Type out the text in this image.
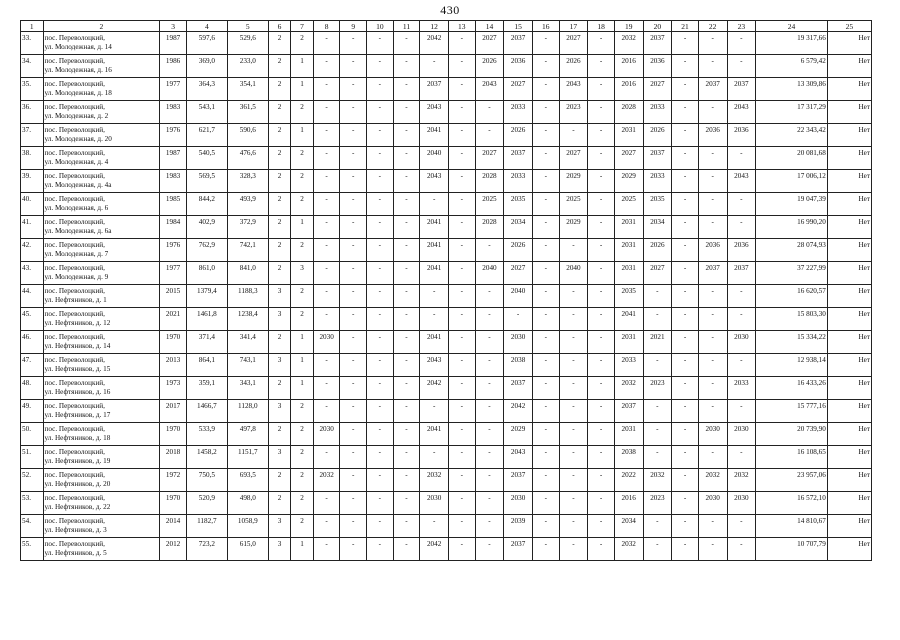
430
1	2	3	4	5	6	7	8	9	10	11	12	13	14	15	16	17	18	19	20	21	22	23	24	25
33.	пос. Переволоцкий,
ул. Молодежная, д. 14	1987	597,6	529,6	2	2	-	-	-	-	2042	-	2027	2037	-	2027	-	2032	2037	-	-	-	19 317,66	Нет
34.	пос. Переволоцкий,
ул. Молодежная, д. 16	1986	369,0	233,0	2	1	-	-	-	-	-	-	2026	2036	-	2026	-	2016	2036	-	-	-	6 579,42	Нет
35.	пос. Переволоцкий,
ул. Молодежная, д. 18	1977	364,3	354,1	2	1	-	-	-	-	2037	-	2043	2027	-	2043	-	2016	2027	-	2037	2037	13 309,86	Нет
36.	пос. Переволоцкий,
ул. Молодежная, д. 2	1983	543,1	361,5	2	2	-	-	-	-	2043	-	-	2033	-	2023	-	2028	2033	-	-	2043	17 317,29	Нет
37.	пос. Переволоцкий,
ул. Молодежная, д. 20	1976	621,7	590,6	2	1	-	-	-	-	2041	-	-	2026	-	-	-	2031	2026	-	2036	2036	22 343,42	Нет
38.	пос. Переволоцкий,
ул. Молодежная, д. 4	1987	540,5	476,6	2	2	-	-	-	-	2040	-	2027	2037	-	2027	-	2027	2037	-	-	-	20 081,68	Нет
39.	пос. Переволоцкий,
ул. Молодежная, д. 4а	1983	569,5	328,3	2	2	-	-	-	-	2043	-	2028	2033	-	2029	-	2029	2033	-	-	2043	17 006,12	Нет
40.	пос. Переволоцкий,
ул. Молодежная, д. 6	1985	844,2	493,9	2	2	-	-	-	-	-	-	2025	2035	-	2025	-	2025	2035	-	-	-	19 047,39	Нет
41.	пос. Переволоцкий,
ул. Молодежная, д. 6а	1984	402,9	372,9	2	1	-	-	-	-	2041	-	2028	2034	-	2029	-	2031	2034	-	-	-	16 990,20	Нет
42.	пос. Переволоцкий,
ул. Молодежная, д. 7	1976	762,9	742,1	2	2	-	-	-	-	2041	-	-	2026	-	-	-	2031	2026	-	2036	2036	28 074,93	Нет
43.	пос. Переволоцкий,
ул. Молодежная, д. 9	1977	861,0	841,0	2	3	-	-	-	-	2041	-	2040	2027	-	2040	-	2031	2027	-	2037	2037	37 227,99	Нет
44.	пос. Переволоцкий,
ул. Нефтяников, д. 1	2015	1379,4	1188,3	3	2	-	-	-	-	-	-	-	2040	-	-	-	2035	-	-	-	-	16 620,57	Нет
45.	пос. Переволоцкий,
ул. Нефтяников, д. 12	2021	1461,8	1238,4	3	2	-	-	-	-	-	-	-	-	-	-	-	2041	-	-	-	-	15 803,30	Нет
46.	пос. Переволоцкий,
ул. Нефтяников, д. 14	1970	371,4	341,4	2	1	2030	-	-	-	2041	-	-	2030	-	-	-	2031	2021	-	-	2030	15 334,22	Нет
47.	пос. Переволоцкий,
ул. Нефтяников, д. 15	2013	864,1	743,1	3	1	-	-	-	-	2043	-	-	2038	-	-	-	2033	-	-	-	-	12 938,14	Нет
48.	пос. Переволоцкий,
ул. Нефтяников, д. 16	1973	359,1	343,1	2	1	-	-	-	-	2042	-	-	2037	-	-	-	2032	2023	-	-	2033	16 433,26	Нет
49.	пос. Переволоцкий,
ул. Нефтяников, д. 17	2017	1466,7	1128,0	3	2	-	-	-	-	-	-	-	2042	-	-	-	2037	-	-	-	-	15 777,16	Нет
50.	пос. Переволоцкий,
ул. Нефтяников, д. 18	1970	533,9	497,8	2	2	2030	-	-	-	2041	-	-	2029	-	-	-	2031	-	-	2030	2030	20 739,90	Нет
51.	пос. Переволоцкий,
ул. Нефтяников, д. 19	2018	1458,2	1151,7	3	2	-	-	-	-	-	-	-	2043	-	-	-	2038	-	-	-	-	16 108,65	Нет
52.	пос. Переволоцкий,
ул. Нефтяников, д. 20	1972	750,5	693,5	2	2	2032	-	-	-	2032	-	-	2037	-	-	-	2022	2032	-	2032	2032	23 957,06	Нет
53.	пос. Переволоцкий,
ул. Нефтяников, д. 22	1970	520,9	498,0	2	2	-	-	-	-	2030	-	-	2030	-	-	-	2016	2023	-	2030	2030	16 572,10	Нет
54.	пос. Переволоцкий,
ул. Нефтяников, д. 3	2014	1182,7	1058,9	3	2	-	-	-	-	-	-	-	2039	-	-	-	2034	-	-	-	-	14 810,67	Нет
55.	пос. Переволоцкий,
ул. Нефтяников, д. 5	2012	723,2	615,0	3	1	-	-	-	-	2042	-	-	2037	-	-	-	2032	-	-	-	-	10 707,79	Нет
